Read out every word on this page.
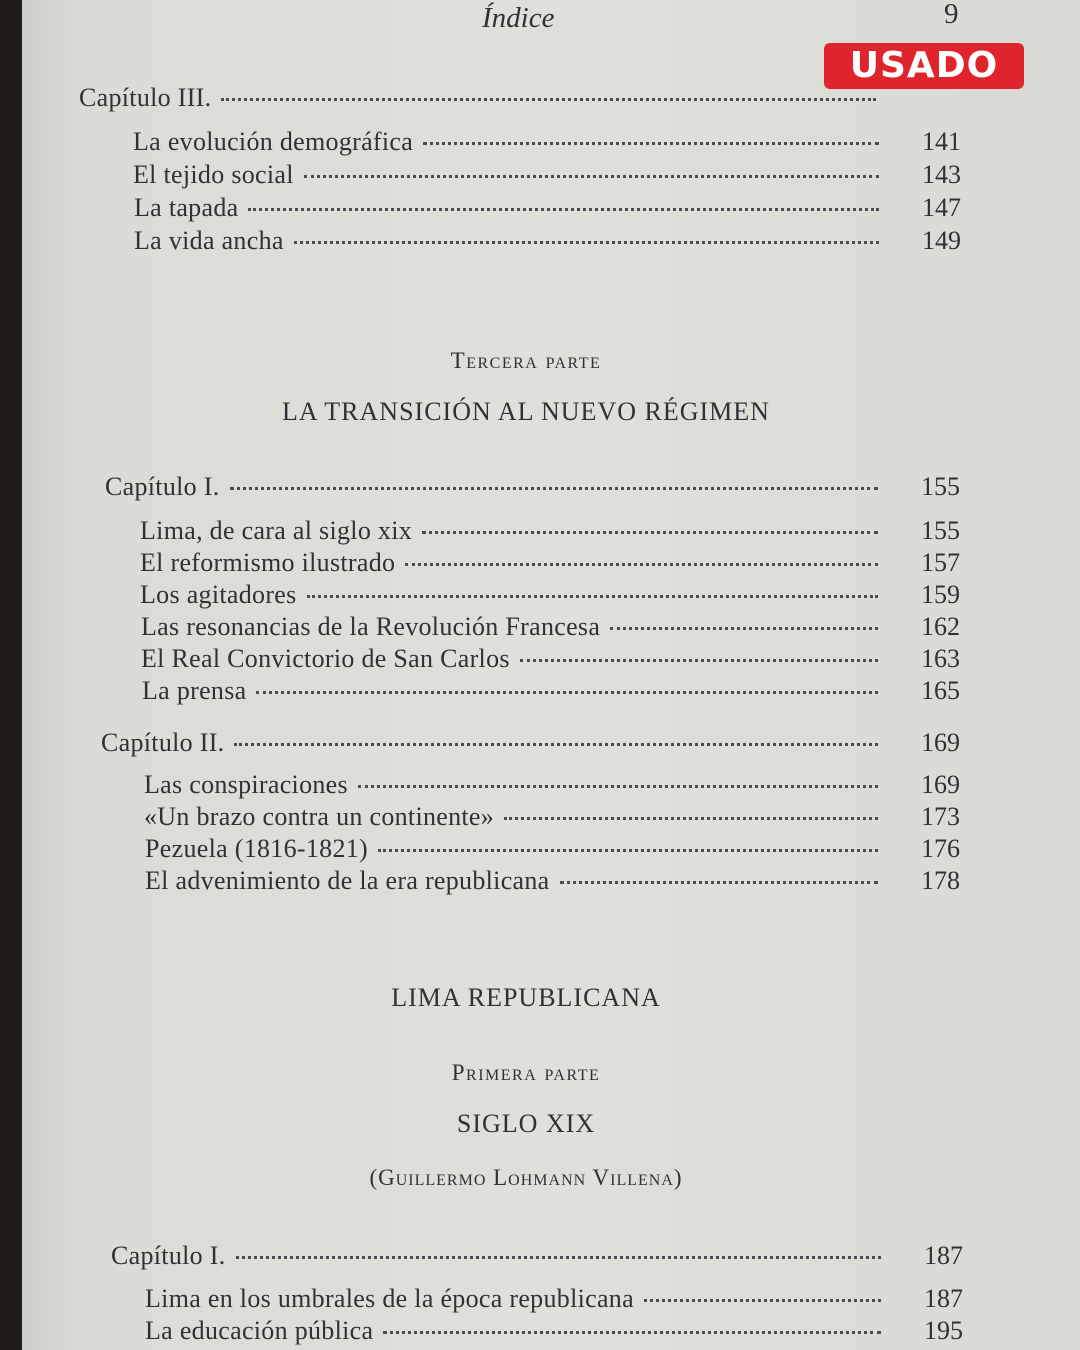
Índice	9
USADO
Capítulo III.
La evolución demográfica	141
El tejido social	143
La tapada	147
La vida ancha	149
Tercera parte
LA TRANSICIÓN AL NUEVO RÉGIMEN
Capítulo I.	155
Lima, de cara al siglo xix	155
El reformismo ilustrado	157
Los agitadores	159
Las resonancias de la Revolución Francesa	162
El Real Convictorio de San Carlos	163
La prensa	165
Capítulo II.	169
Las conspiraciones	169
«Un brazo contra un continente»	173
Pezuela (1816-1821)	176
El advenimiento de la era republicana	178
LIMA REPUBLICANA
Primera parte
SIGLO XIX
(Guillermo Lohmann Villena)
Capítulo I.	187
Lima en los umbrales de la época republicana	187
La educación pública	195
